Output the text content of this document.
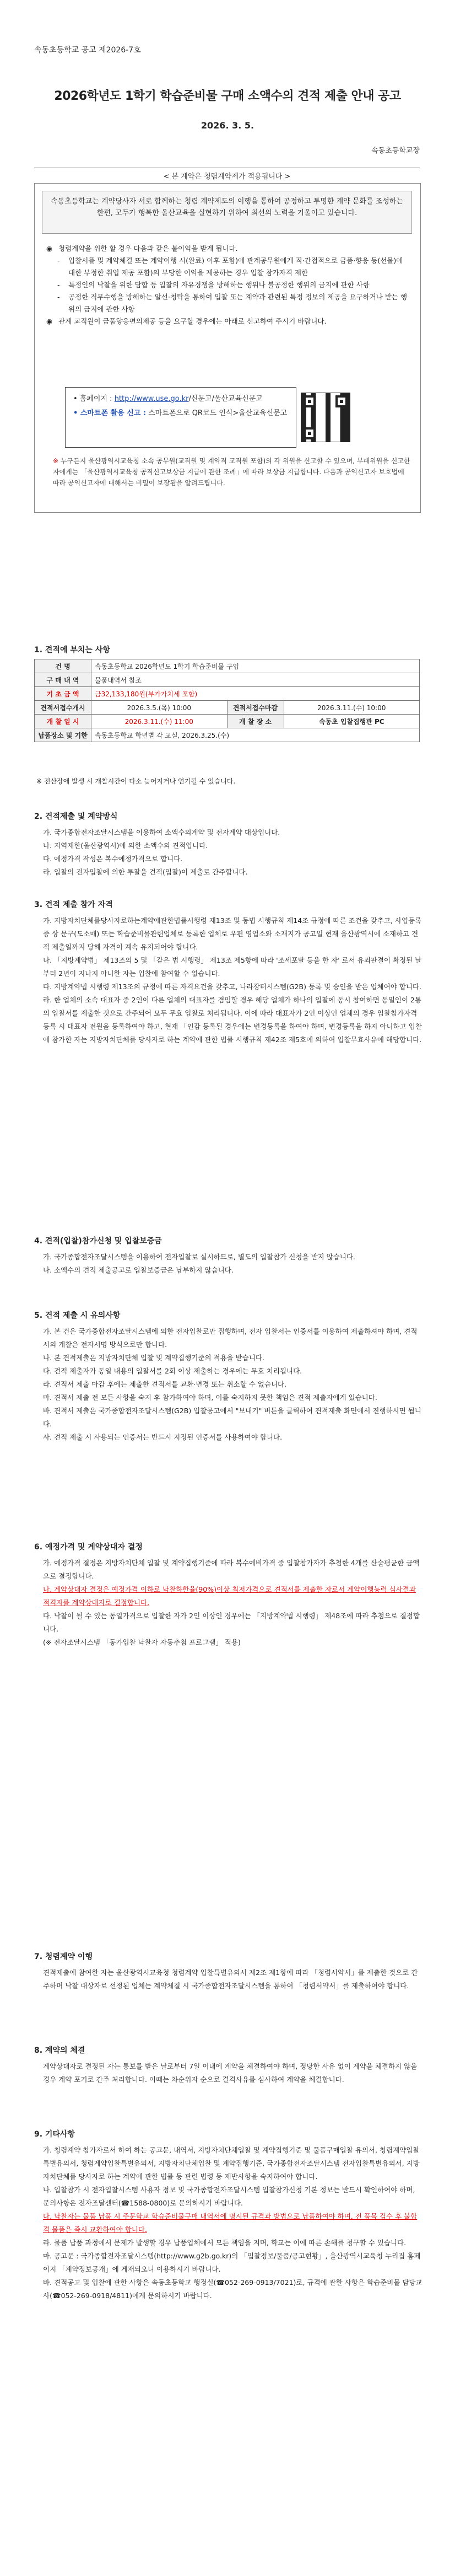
속동초등학교 공고 제2026-7호
2026학년도 1학기 학습준비물 구매 소액수의 견적 제출 안내 공고
2026. 3. 5.
속동초등학교장
< 본 계약은 청렴계약제가 적용됩니다 >
속동초등학교는 계약당사자 서로 함께하는 청렴 계약제도의 이행을 통하여 공정하고 투명한 계약 문화를 조성하는 한편, 모두가 행복한 울산교육을 실현하기 위하여 최선의 노력을 기울이고 있습니다.
◉ 청렴계약을 위한 할 경우 다음과 같은 불이익을 받게 됩니다.
- 입찰서를 및 계약체결 또는 계약이행 시(완료) 이후 포함)에 관계공무원에게 직·간접적으로 금품·향응 등(선물)에 대한 부정한 취업 제공 포함)의 부당한 이익을 제공하는 경우 입찰 참가자격 제한
- 특정인의 낙찰을 위한 담합 등 입찰의 자유경쟁을 방해하는 행위나 불공정한 행위의 금지에 관한 사항
- 공정한 직무수행을 방해하는 알선·청탁을 통하여 입찰 또는 계약과 관련된 특정 정보의 제공을 요구하거나 받는 행위의 금지에 관한 사항
◉ 관계 교직원이 금품향응편의제공 등을 요구할 경우에는 아래로 신고하여 주시기 바랍니다.
• 홈페이지 : http://www.use.go.kr/신문고/울산교육신문고
• 스마트폰 활용 신고 : 스마트폰으로 QR코드 인식>울산교육신문고
※ 누구든지 울산광역시교육청 소속 공무원(교직원 및 계약직 교직원 포함)의 각 위원을 신고할 수 있으며, 부패위원을 신고한 자에게는 「울산광역시교육청 공직신고보상금 지급에 관한 조례」에 따라 보상금 지급합니다. 다음과 공익신고자 보호법에 따라 공익신고자에 대해서는 비밀이 보장됨을 알려드립니다.
1. 견적에 부치는 사항
건 명	속동초등학교 2026학년도 1학기 학습준비물 구입		
구 매 내 역	물품내역서 참조		
기 초 금 액	금32,133,180원(부가가치세 포함)		
견적서접수개시	2026.3.5.(목) 10:00	견적서접수마감	2026.3.11.(수) 10:00
개 찰 일 시	2026.3.11.(수) 11:00	개 찰 장 소	속동초 입찰집행관 PC
납품장소 및 기한	속동초등학교 학년별 각 교실, 2026.3.25.(수)		
※ 전산장애 발생 시 개찰시간이 다소 늦어지거나 연기될 수 있습니다.
2. 견적제출 및 계약방식

가. 국가종합전자조달시스템을 이용하여 소액수의계약 및 전자계약 대상입니다.

나. 지역제한(울산광역시)에 의한 소액수의 견적입니다.

다. 예정가격 작성은 복수예정가격으로 합니다.

라. 입찰의 전자입찰에 의한 투찰을 견적(입찰)이 제출로 간주합니다.

3. 견적 제출 참가 자격

가. 지방자치단체를당사자로하는계약에관한법률시행령 제13조 및 동법 시행규칙 제14조 규정에 따른 조건을 갖추고, 사업등록증 상 문구(도소매) 또는 학습준비물관련업체로 등록한 업체로 우편 영업소와 소재지가 공고일 현재 울산광역시에 소재하고 견적 제출일까지 당해 자격이 계속 유지되어야 합니다.

나. 「지방계약법」 제13조의 5 및 「같은 법 시행령」 제13조 제5항에 따라 '조세포탈 등을 한 자' 로서 유죄판결이 확정된 날부터 2년이 지나지 아니한 자는 입찰에 참여할 수 없습니다.

다. 지방계약법 시행령 제13조의 규정에 따른 자격요건을 갖추고, 나라장터시스템(G2B) 등록 및 승인을 받은 업체여야 합니다.

라. 한 업체의 소속 대표자 중 2인이 다른 업체의 대표자를 겸임할 경우 해당 업체가 하나의 입찰에 동시 참여하면 동일인이 2통의 입찰서를 제출한 것으로 간주되어 모두 무효 입찰로 처리됩니다. 이에 따라 대표자가 2인 이상인 업체의 경우 입찰참가자격 등록 시 대표자 전원을 등록하여야 하고, 현재 「인감 등록된 경우에는 변경등록을 하여야 하며, 변경등록을 하지 아니하고 입찰에 참가한 자는 지방자치단체를 당사자로 하는 계약에 관한 법률 시행규칙 제42조 제5호에 의하여 입찰무효사유에 해당합니다.

4. 견적(입찰)참가신청 및 입찰보증금

가. 국가종합전자조달시스템을 이용하여 전자입찰로 실시하므로, 별도의 입찰참가 신청을 받지 않습니다.

나. 소액수의 견적 제출공고로 입찰보증금은 납부하지 않습니다.

5. 견적 제출 시 유의사항

가. 본 건은 국가종합전자조달시스템에 의한 전자입찰로만 집행하며, 전자 입찰서는 인증서를 이용하여 제출하셔야 하며, 견적서의 개찰은 전자서명 방식으로만 합니다.

나. 본 견적제출은 지방자치단체 입찰 및 계약집행기준의 적용을 받습니다.

다. 견적 제출자가 동일 내용의 입찰서를 2회 이상 제출하는 경우에는 무효 처리됩니다.

라. 견적서 제출 마감 후에는 제출한 견적서를 교환·변경 또는 취소할 수 없습니다.

마. 견적서 제출 전 모든 사항을 숙지 후 참가하여야 하며, 이를 숙지하지 못한 책임은 견적 제출자에게 있습니다.

바. 견적서 제출은 국가종합전자조달시스템(G2B) 입찰공고에서 "보내기" 버튼을 클릭하여 견적제출 화면에서 진행하시면 됩니다.

사. 견적 제출 시 사용되는 인증서는 반드시 지정된 인증서를 사용하여야 합니다.

6. 예정가격 및 계약상대자 결정

가. 예정가격 결정은 지방자치단체 입찰 및 계약집행기준에 따라 복수예비가격 중 입찰참가자가 추첨한 4개를 산술평균한 금액으로 결정합니다.

나. 계약상대자 결정은 예정가격 이하로 낙찰하한율(90%)이상 최저가격으로 견적서를 제출한 자로서 계약이행능력 심사결과 적격자를 계약상대자로 결정합니다.

다. 낙찰이 될 수 있는 동일가격으로 입찰한 자가 2인 이상인 경우에는 「지방계약법 시행령」 제48조에 따라 추첨으로 결정합니다.

(※ 전자조달시스템 「동가입찰 낙찰자 자동추첨 프로그램」 적용)

7. 청렴계약 이행

견적제출에 참여한 자는 울산광역시교육청 청렴계약 입찰특별유의서 제2조 제1항에 따라 「청렴서약서」를 제출한 것으로 간주하며 낙찰 대상자로 선정된 업체는 계약체결 시 국가종합전자조달시스템을 통하여 「청렴서약서」를 제출하여야 합니다.

8. 계약의 체결

계약상대자로 결정된 자는 통보를 받은 날로부터 7일 이내에 계약을 체결하여야 하며, 정당한 사유 없이 계약을 체결하지 않을 경우 계약 포기로 간주 처리합니다. 이때는 차순위자 순으로 결격사유를 심사하여 계약을 체결합니다.

9. 기타사항

가. 청렴계약 참가자로서 하여 하는 공고문, 내역서, 지방자치단체입찰 및 계약집행기준 및 물품구매입찰 유의서, 청렴계약입찰특별유의서, 청렴계약입찰특별유의서, 지방자치단체입찰 및 계약집행기준, 국가종합전자조달시스템 전자입찰특별유의서, 지방자치단체를 당사자로 하는 계약에 관한 법률 등 관련 법령 등 제반사항을 숙지하여야 합니다.

나. 입찰참가 시 전자입찰시스템 사용자 정보 및 국가종합전자조달시스템 입찰참가신청 기본 정보는 반드시 확인하여야 하며, 문의사항은 전자조달센터(☎1588-0800)로 문의하시기 바랍니다.

다. 낙찰자는 물품 납품 시 주문학교 학습준비물구매 내역서에 명시된 규격과 방법으로 납품하여야 하며, 전 품목 검수 후 불합격 물품은 즉시 교환하여야 합니다.

라. 물품 납품 과정에서 문제가 발생할 경우 납품업체에서 모든 책임을 지며, 학교는 이에 따른 손해를 청구할 수 있습니다.

마. 공고문 : 국가종합전자조달시스템(http://www.g2b.go.kr)의 「입찰정보/물품/공고현황」, 울산광역시교육청 누리집 홈페이지 「계약정보공개」에 게재되오니 이용하시기 바랍니다.

바. 견적공고 및 입찰에 관한 사항은 속동초등학교 행정실(☎052-269-0913/7021)로, 규격에 관한 사항은 학습준비물 담당교사(☎052-269-0918/4811)에게 문의하시기 바랍니다.
